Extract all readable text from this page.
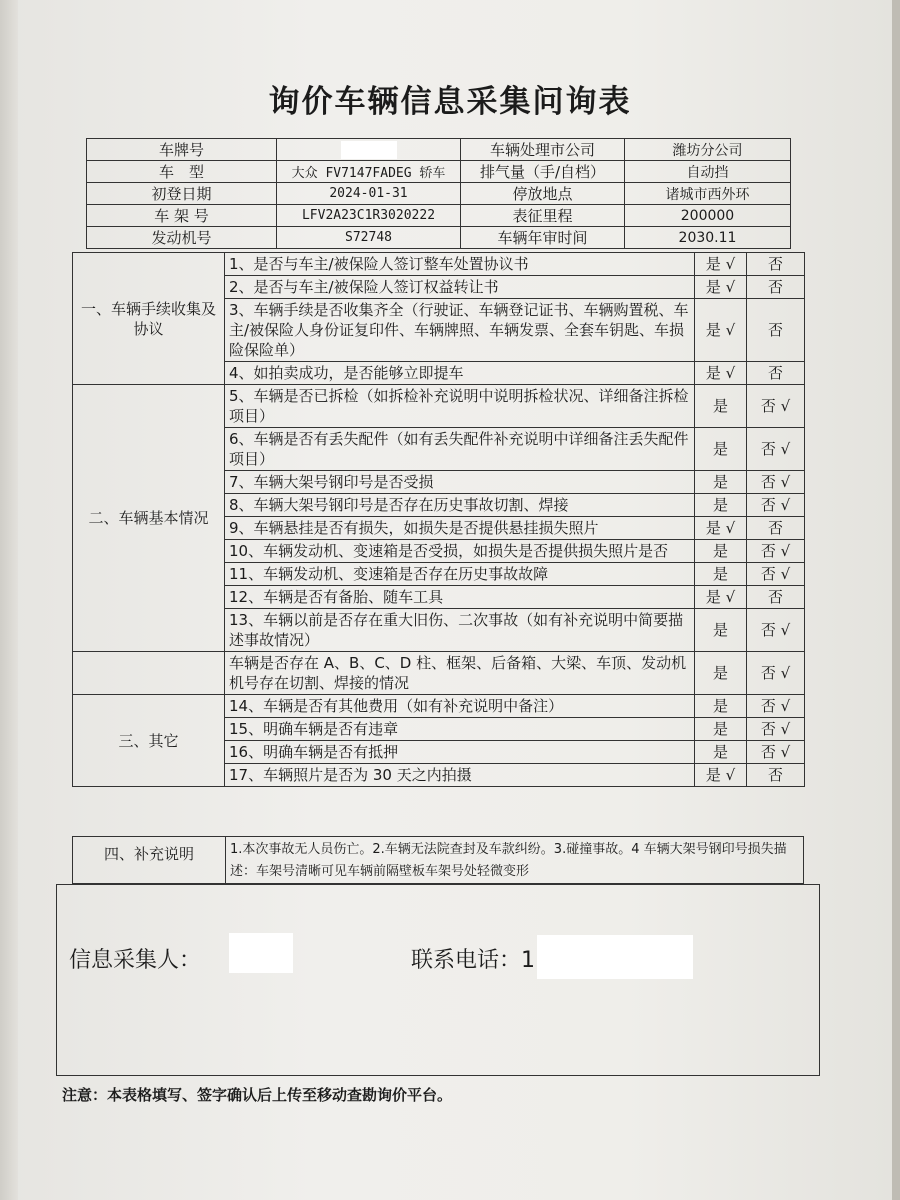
询价车辆信息采集问询表
车牌号		车辆处理市公司	潍坊分公司
车　型	大众 FV7147FADEG 轿车	排气量（手/自档）	自动挡
初登日期	2024-01-31	停放地点	诸城市西外环
车 架 号	LFV2A23C1R3020222	表征里程	200000
发动机号	S72748	车辆年审时间	2030.11
一、车辆手续收集及协议	1、是否与车主/被保险人签订整车处置协议书	是 √	否
	2、是否与车主/被保险人签订权益转让书	是 √	否
	3、车辆手续是否收集齐全（行驶证、车辆登记证书、车辆购置税、车主/被保险人身份证复印件、车辆牌照、车辆发票、全套车钥匙、车损险保险单）	是 √	否
	4、如拍卖成功，是否能够立即提车	是 √	否
二、车辆基本情况	5、车辆是否已拆检（如拆检补充说明中说明拆检状况、详细备注拆检项目）	是	否 √
	6、车辆是否有丢失配件（如有丢失配件补充说明中详细备注丢失配件项目）	是	否 √
	7、车辆大架号钢印号是否受损	是	否 √
	8、车辆大架号钢印号是否存在历史事故切割、焊接	是	否 √
	9、车辆悬挂是否有损失，如损失是否提供悬挂损失照片	是 √	否
	10、车辆发动机、变速箱是否受损，如损失是否提供损失照片是否	是	否 √
	11、车辆发动机、变速箱是否存在历史事故故障	是	否 √
	12、车辆是否有备胎、随车工具	是 √	否
	13、车辆以前是否存在重大旧伤、二次事故（如有补充说明中简要描述事故情况）	是	否 √
	车辆是否存在 A、B、C、D 柱、框架、后备箱、大梁、车顶、发动机机号存在切割、焊接的情况	是	否 √
三、其它	14、车辆是否有其他费用（如有补充说明中备注）	是	否 √
	15、明确车辆是否有违章	是	否 √
	16、明确车辆是否有抵押	是	否 √
	17、车辆照片是否为 30 天之内拍摄	是 √	否
四、补充说明	1.本次事故无人员伤亡。2.车辆无法院查封及车款纠纷。3.碰撞事故。4 车辆大架号钢印号损失描述：车架号清晰可见车辆前隔壁板车架号处轻微变形
信息采集人：	联系电话：1
注意：本表格填写、签字确认后上传至移动查勘询价平台。
